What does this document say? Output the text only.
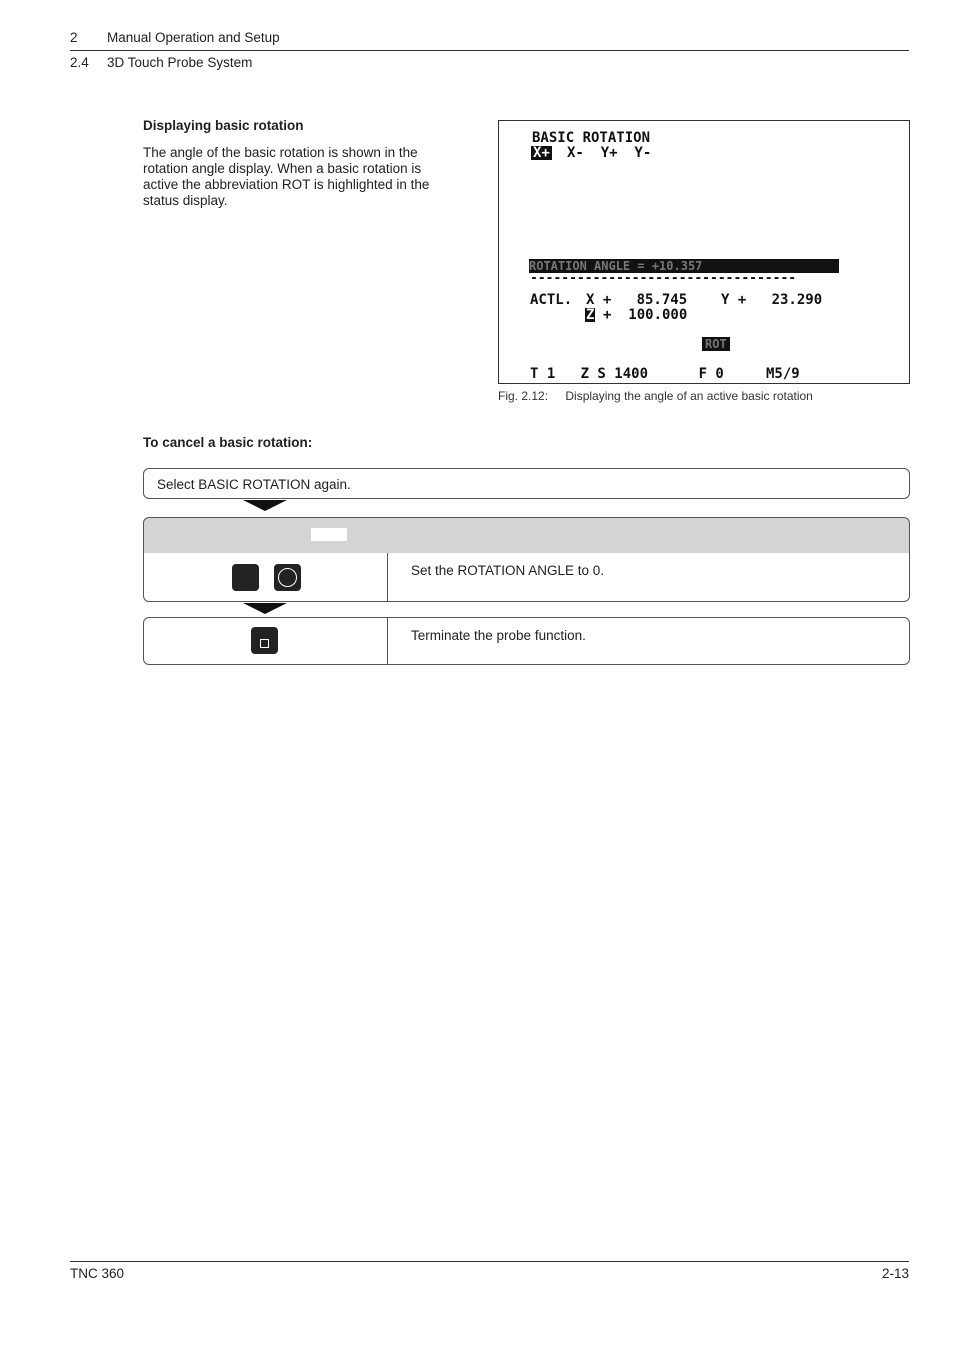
2 Manual Operation and Setup
2.4 3D Touch Probe System
Displaying basic rotation
The angle of the basic rotation is shown in the
rotation angle display. When a basic rotation is
active the abbreviation ROT is highlighted in the
status display.
BASIC ROTATION
X+ X-  Y+  Y-
ROTATION ANGLE = +10.357
----------------------------------
ACTL. X +   85.745 Y +   23.290
Z +  100.000
ROT
T 1   Z S 1400      F 0     M5/9
Fig. 2.12: Displaying the angle of an active basic rotation
To cancel a basic rotation:
Select BASIC ROTATION again.
Set the ROTATION ANGLE to 0.
Terminate the probe function.
TNC 360	2-13
